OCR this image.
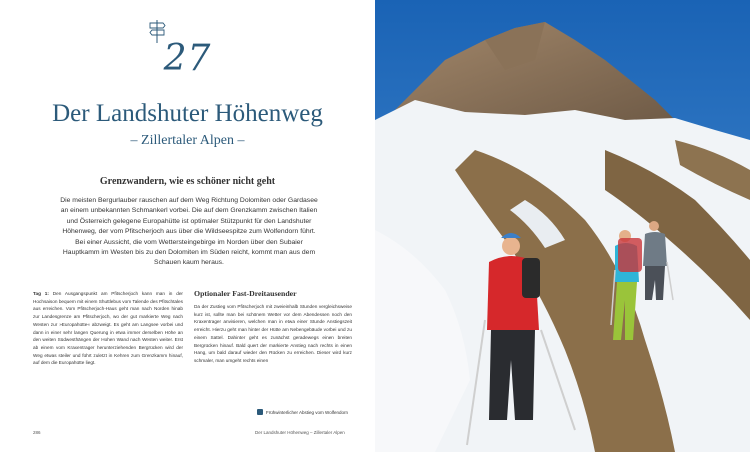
27
Der Landshuter Höhenweg
– Zillertaler Alpen –
Grenzwandern, wie es schöner nicht geht
Die meisten Bergurlauber rauschen auf dem Weg Richtung Dolomiten oder Gardasee an einem unbekannten Schmankerl vorbei. Die auf dem Grenzkamm zwischen Italien und Österreich gelegene Europahütte ist optimaler Stützpunkt für den Landshuter Höhenweg, der vom Pfitscherjoch aus über die Wildseespitze zum Wolfendorn führt. Bei einer Aussicht, die vom Wettersteingebirge im Norden über den Subaier Hauptkamm im Westen bis zu den Dolomiten im Süden reicht, kommt man aus dem Schauen kaum heraus.
Tag 1: Den Ausgangspunkt am Pfitscherjoch kann man in der Hochsaison bequem mit einem Shuttlebus vom Talende des Pfitschtales aus erreichen. Vom Pfitscherjoch-Haus geht man nach Norden hinab zur Landesgrenze am Pfitscherjoch, wo der gut markierte Weg nach Westen zur »Europahütte« abzweigt. Es geht am Langsee vorbei und dann in einer sehr langen Querung in etwa immer derselben Höhe an den weiten Südwesthängen der Hohen Wand nach Westen weiter. Erst ab einem vom Kraxentrager herunterziehenden Bergrücken wird der Weg etwas steiler und führt zuletzt in Kehren zum Grenzkamm hinauf, auf dem die Europahütte liegt.
Optionaler Fast-Dreitausender
Da der Zustieg vom Pfitscherjoch mit zweieinhalb Stunden vergleichsweise kurz ist, sollte man bei schönem Wetter vor dem Abendessen noch den Kraxentrager anvisieren, welchen man in etwa einer Stunde Anstiegszeit erreicht. Hierzu geht man hinter der Hütte am Nebengebäude vorbei und zu einem Sattel. Dahinter geht es zunächst geradewegs einen breiten Bergrücken hinauf. Bald quert der markierte Anstieg nach rechts in einen Hang, um bald darauf wieder den Rücken zu erreichen. Dieser wird kurz schmaler, man umgeht rechts einen
Frühwinterlicher Abstieg vom Wolfendorn
286	Der Landshuter Höhenweg – Zillertaler Alpen
